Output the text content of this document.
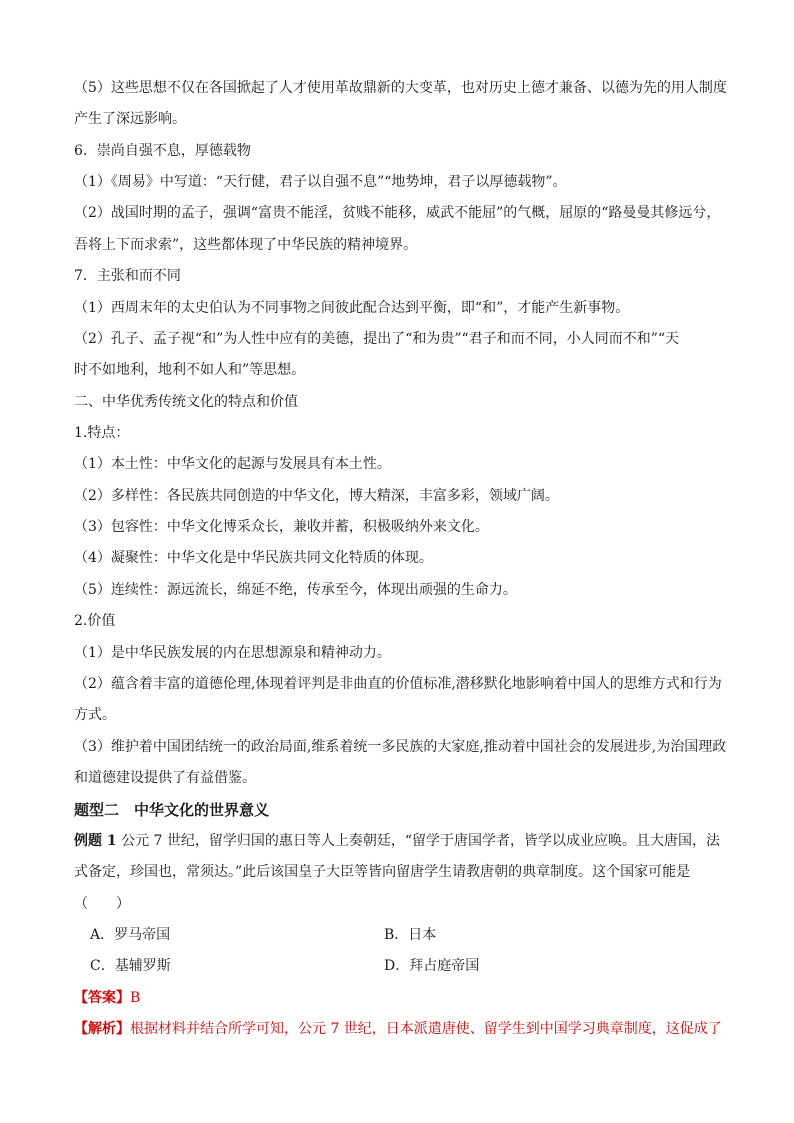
（5）这些思想不仅在各国掀起了人才使用革故鼎新的大变革，也对历史上德才兼备、以德为先的用人制度
产生了深远影响。
6．崇尚自强不息，厚德载物
（1）《周易》中写道：“天行健，君子以自强不息”“地势坤，君子以厚德载物”。
（2）战国时期的孟子，强调“富贵不能淫，贫贱不能移，威武不能屈”的气概，屈原的“路曼曼其修远兮，
吾将上下而求索”，这些都体现了中华民族的精神境界。
7．主张和而不同
（1）西周末年的太史伯认为不同事物之间彼此配合达到平衡，即“和”，才能产生新事物。
（2）孔子、孟子视“和”为人性中应有的美德，提出了“和为贵”“君子和而不同，小人同而不和”“天
时不如地利，地利不如人和”等思想。
二、中华优秀传统文化的特点和价值
1.特点：
（1）本土性：中华文化的起源与发展具有本土性。
（2）多样性：各民族共同创造的中华文化，博大精深，丰富多彩，领域广阔。
（3）包容性：中华文化博采众长，兼收并蓄，积极吸纳外来文化。
（4）凝聚性：中华文化是中华民族共同文化特质的体现。
（5）连续性：源远流长，绵延不绝，传承至今，体现出顽强的生命力。
2.价值
（1）是中华民族发展的内在思想源泉和精神动力。
（2）蕴含着丰富的道德伦理,体现着评判是非曲直的价值标准,潜移默化地影响着中国人的思维方式和行为
方式。
（3）维护着中国团结统一的政治局面,维系着统一多民族的大家庭,推动着中国社会的发展进步,为治国理政
和道德建设提供了有益借鉴。
题型二　中华文化的世界意义
例题 1 公元 7 世纪，留学归国的惠日等人上奏朝廷，“留学于唐国学者，皆学以成业应唤。且大唐国，法
式备定，珍国也，常须达。”此后该国皇子大臣等皆向留唐学生请教唐朝的典章制度。这个国家可能是
（　　）
A．罗马帝国	B．日本
C．基辅罗斯	D．拜占庭帝国
【答案】B
【解析】根据材料并结合所学可知，公元 7 世纪，日本派遣唐使、留学生到中国学习典章制度，这促成了
